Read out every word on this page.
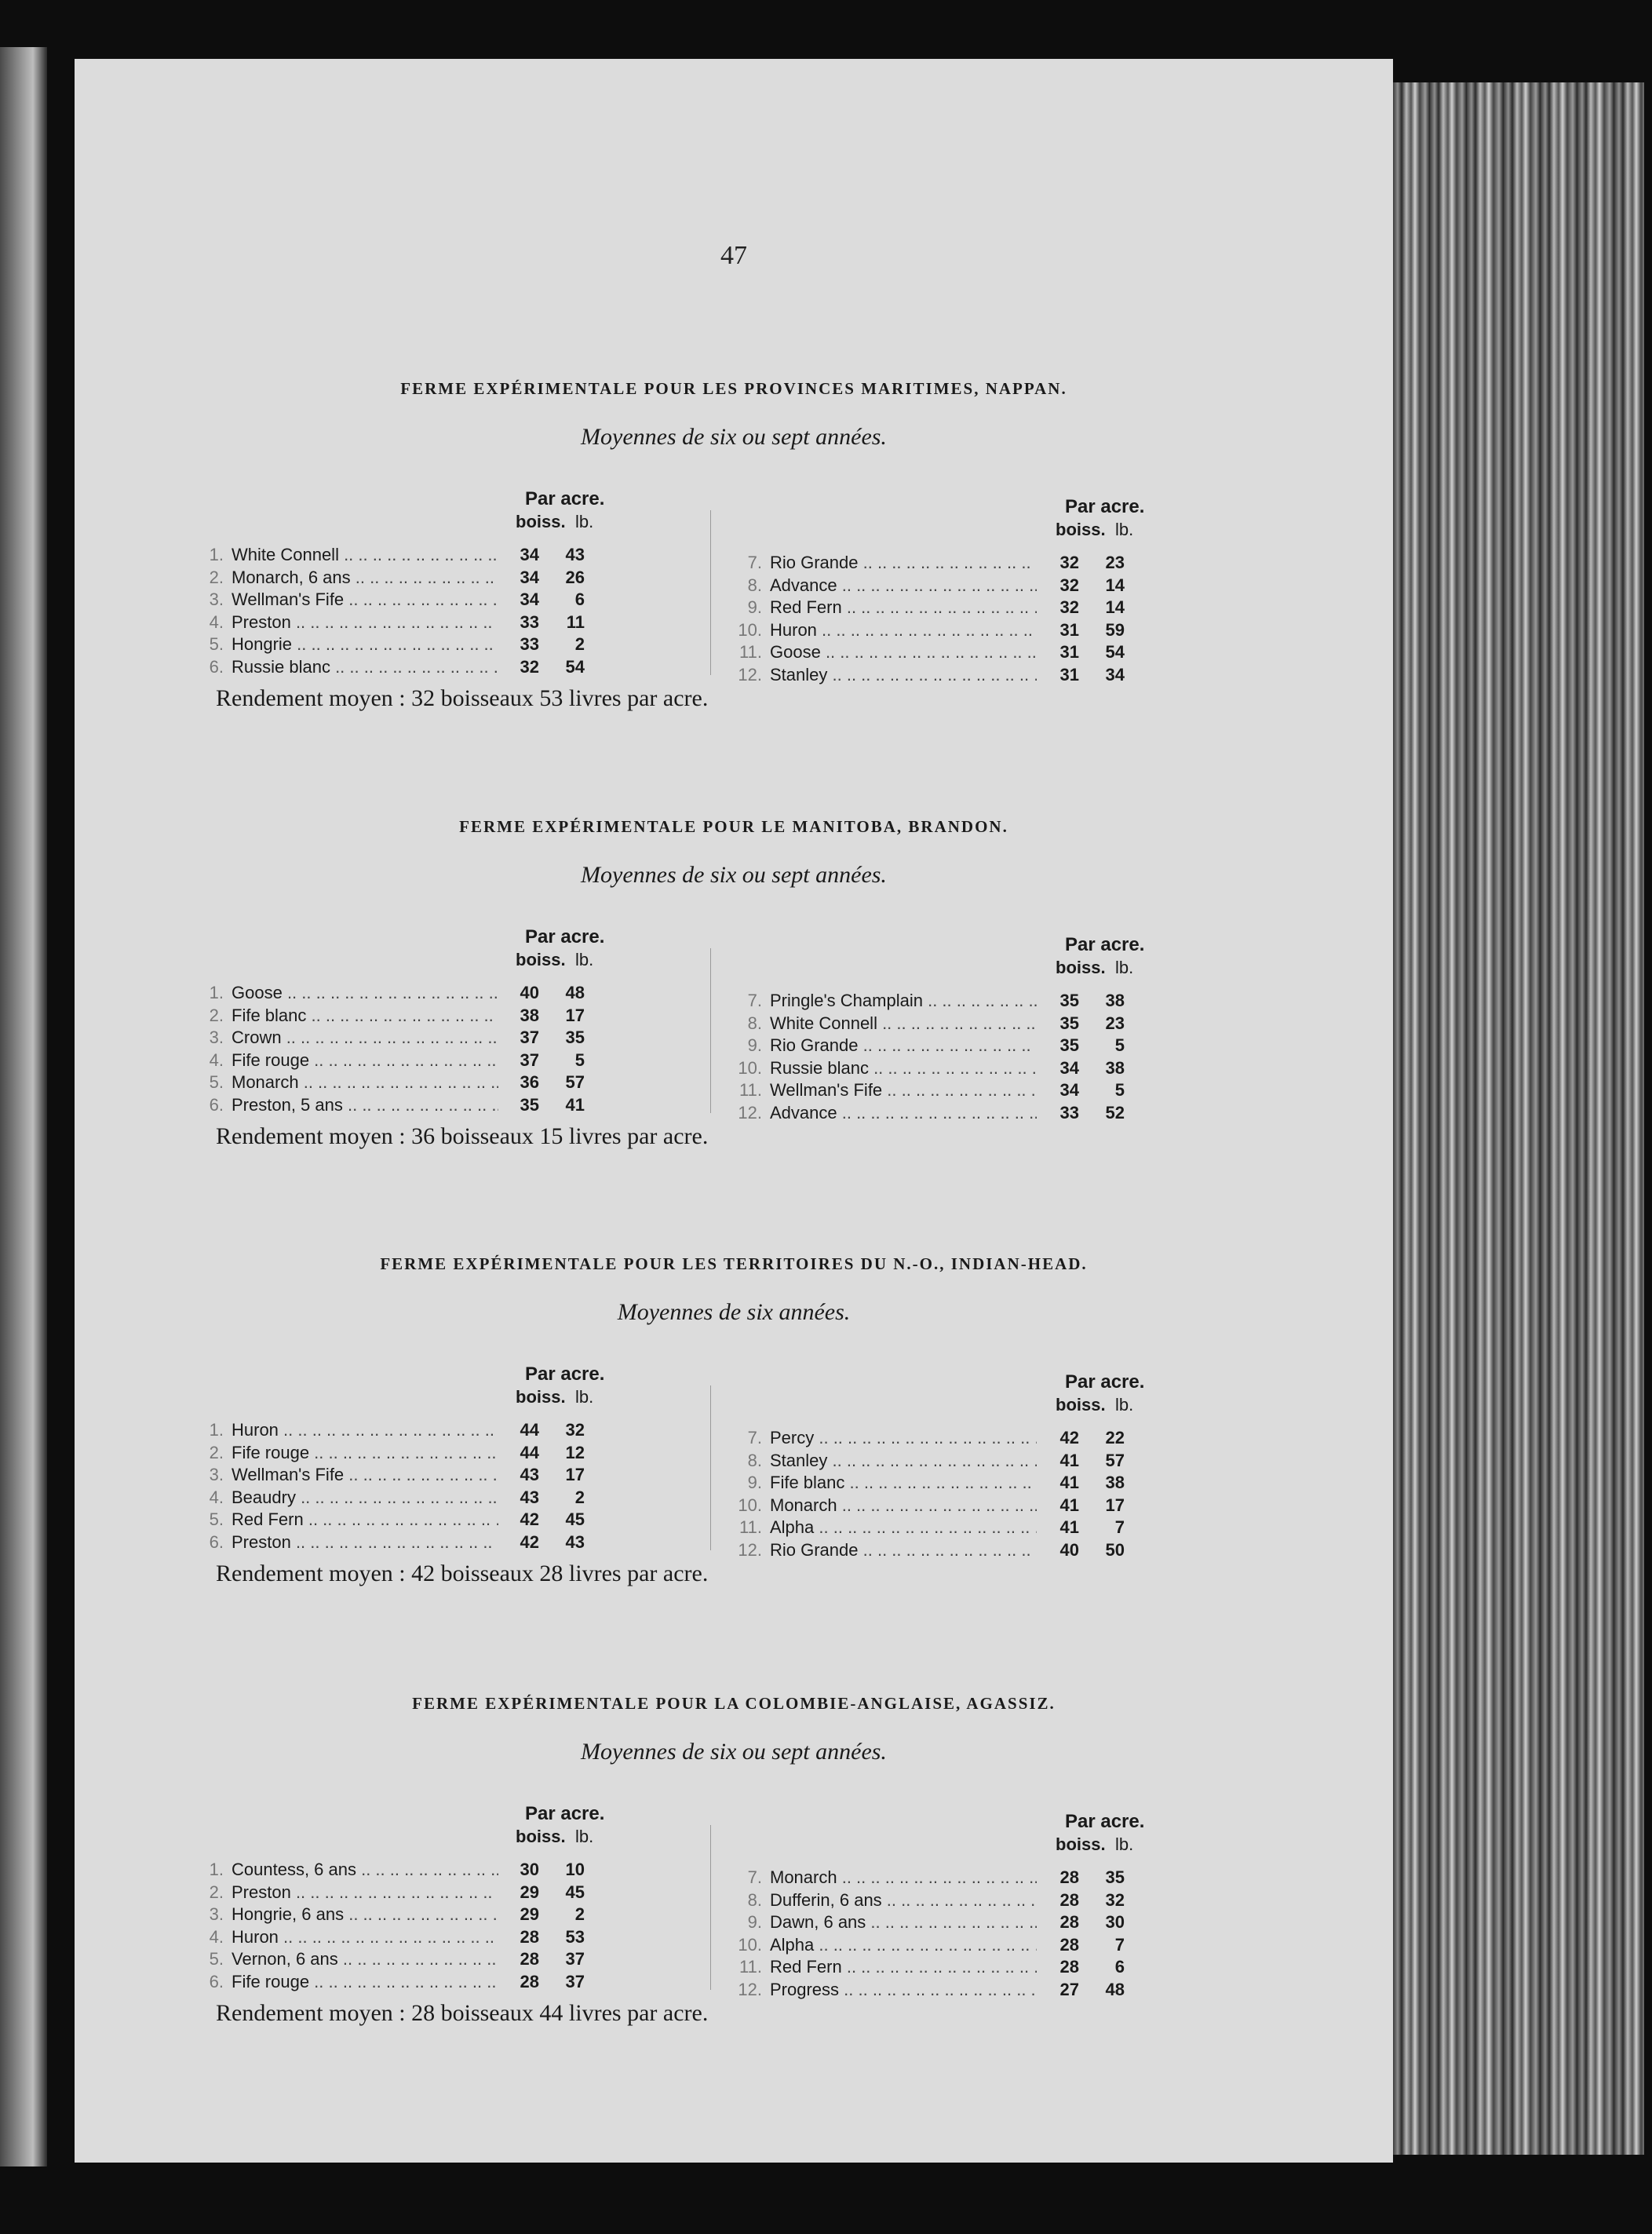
47
FERME EXPÉRIMENTALE POUR LES PROVINCES MARITIMES, NAPPAN.
Moyennes de six ou sept années.
Par acre.
boiss. lb.
1. White Connell .. ..	34	43
2. Monarch, 6 ans .. ..	34	26
3. Wellman's Fife .. ..	34	6
4. Preston .. ..	33	11
5. Hongrie .. ..	33	2
6. Russie blanc .. ..	32	54
Par acre.
boiss. lb.
7. Rio Grande .. ..	32	23
8. Advance .. ..	32	14
9. Red Fern .. ..	32	14
10. Huron .. ..	31	59
11. Goose .. ..	31	54
12. Stanley .. ..	31	34
Rendement moyen : 32 boisseaux 53 livres par acre.
FERME EXPÉRIMENTALE POUR LE MANITOBA, BRANDON.
Moyennes de six ou sept années.
Par acre.
boiss. lb.
1. Goose .. ..	40	48
2. Fife blanc .. ..	38	17
3. Crown .. ..	37	35
4. Fife rouge .. ..	37	5
5. Monarch .. ..	36	57
6. Preston, 5 ans .. ..	35	41
Par acre.
boiss. lb.
7. Pringle's Champlain .. ..	35	38
8. White Connell .. ..	35	23
9. Rio Grande .. ..	35	5
10. Russie blanc .. ..	34	38
11. Wellman's Fife .. ..	34	5
12. Advance .. ..	33	52
Rendement moyen : 36 boisseaux 15 livres par acre.
FERME EXPÉRIMENTALE POUR LES TERRITOIRES DU N.-O., INDIAN-HEAD.
Moyennes de six années.
Par acre.
boiss. lb.
1. Huron .. ..	44	32
2. Fife rouge .. ..	44	12
3. Wellman's Fife .. ..	43	17
4. Beaudry .. ..	43	2
5. Red Fern .. ..	42	45
6. Preston .. ..	42	43
Par acre.
boiss. lb.
7. Percy .. ..	42	22
8. Stanley .. ..	41	57
9. Fife blanc .. ..	41	38
10. Monarch .. ..	41	17
11. Alpha .. ..	41	7
12. Rio Grande .. ..	40	50
Rendement moyen : 42 boisseaux 28 livres par acre.
FERME EXPÉRIMENTALE POUR LA COLOMBIE-ANGLAISE, AGASSIZ.
Moyennes de six ou sept années.
Par acre.
boiss. lb.
1. Countess, 6 ans .. ..	30	10
2. Preston .. ..	29	45
3. Hongrie, 6 ans .. ..	29	2
4. Huron .. ..	28	53
5. Vernon, 6 ans .. ..	28	37
6. Fife rouge .. ..	28	37
Par acre.
boiss. lb.
7. Monarch .. ..	28	35
8. Dufferin, 6 ans .. ..	28	32
9. Dawn, 6 ans .. ..	28	30
10. Alpha .. ..	28	7
11. Red Fern .. ..	28	6
12. Progress .. ..	27	48
Rendement moyen : 28 boisseaux 44 livres par acre.
